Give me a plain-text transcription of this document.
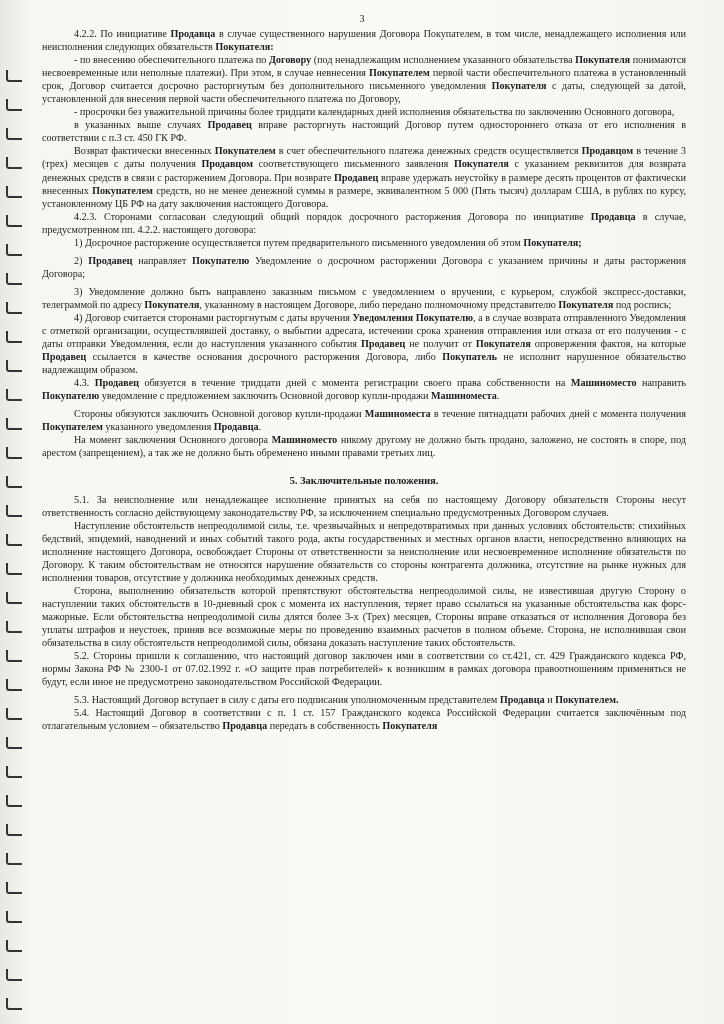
3

4.2.2. По инициативе Продавца в случае существенного нарушения Договора Покупателем, в том числе, ненадлежащего исполнения или неисполнения следующих обязательств Покупателя:

- по внесению обеспечительного платежа по Договору (под ненадлежащим исполнением указанного обязательства Покупателя понимаются несвоевременные или неполные платежи). При этом, в случае невнесения Покупателем первой части обеспечительного платежа в установленный срок, Договор считается досрочно расторгнутым без дополнительного письменного уведомления Покупателя с даты, следующей за датой, установленной для внесения первой части обеспечительного платежа по Договору,

- просрочки без уважительной причины более тридцати календарных дней исполнения обязательства по заключению Основного договора,

в указанных выше случаях Продавец вправе расторгнуть настоящий Договор путем одностороннего отказа от его исполнения в соответствии с п.3 ст. 450 ГК РФ.

Возврат фактически внесенных Покупателем в счет обеспечительного платежа денежных средств осуществляется Продавцом в течение 3 (трех) месяцев с даты получения Продавцом соответствующего письменного заявления Покупателя с указанием реквизитов для возврата денежных средств в связи с расторжением Договора. При возврате Продавец вправе удержать неустойку в размере десять процентов от фактически внесенных Покупателем средств, но не менее денежной суммы в размере, эквивалентном 5 000 (Пять тысяч) долларам США, в рублях по курсу, установленному ЦБ РФ на дату заключения настоящего Договора.

4.2.3. Сторонами согласован следующий общий порядок досрочного расторжения Договора по инициативе Продавца в случае, предусмотренном пп. 4.2.2. настоящего договора:

1) Досрочное расторжение осуществляется путем предварительного письменного уведомления об этом Покупателя;

2) Продавец направляет Покупателю Уведомление о досрочном расторжении Договора с указанием причины и даты расторжения Договора;

3) Уведомление должно быть направлено заказным письмом с уведомлением о вручении, с курьером, службой экспресс-доставки, телеграммой по адресу Покупателя, указанному в настоящем Договоре, либо передано полномочному представителю Покупателя под роспись;

4) Договор считается сторонами расторгнутым с даты вручения Уведомления Покупателю, а в случае возврата отправленного Уведомления с отметкой организации, осуществлявшей доставку, о выбытии адресата, истечении срока хранения отправления или отказа от его получения - с даты отправки Уведомления, если до наступления указанного события Продавец не получит от Покупателя опровержения фактов, на которые Продавец ссылается в качестве основания досрочного расторжения Договора, либо Покупатель не исполнит нарушенное обязательство надлежащим образом.

4.3. Продавец обязуется в течение тридцати дней с момента регистрации своего права собственности на Машиноместо направить Покупателю уведомление с предложением заключить Основной договор купли-продажи Машиноместа.

Стороны обязуются заключить Основной договор купли-продажи Машиноместа в течение пятнадцати рабочих дней с момента получения Покупателем указанного уведомления Продавца.

На момент заключения Основного договора Машиноместо никому другому не должно быть продано, заложено, не состоять в споре, под арестом (запрещением), а так же не должно быть обременено иными правами третьих лиц.

5. Заключительные положения.

5.1. За неисполнение или ненадлежащее исполнение принятых на себя по настоящему Договору обязательств Стороны несут ответственность согласно действующему законодательству РФ, за исключением специально предусмотренных Договором случаев.

Наступление обстоятельств непреодолимой силы, т.е. чрезвычайных и непредотвратимых при данных условиях обстоятельств: стихийных бедствий, эпидемий, наводнений и иных событий такого рода, акты государственных и местных органов власти, непосредственно влияющих на исполнение настоящего Договора, освобождает Стороны от ответственности за неисполнение или несвоевременное исполнение обязательств по Договору. К таким обстоятельствам не относятся нарушение обязательств со стороны контрагента должника, отсутствие на рынке нужных для исполнения товаров, отсутствие у должника необходимых денежных средств.

Сторона, выполнению обязательств которой препятствуют обстоятельства непреодолимой силы, не известившая другую Сторону о наступлении таких обстоятельств в 10-дневный срок с момента их наступления, теряет право ссылаться на указанные обстоятельства как форс-мажорные. Если обстоятельства непреодолимой силы длятся более 3-х (Трех) месяцев, Стороны вправе отказаться от исполнения Договора без уплаты штрафов и неустоек, приняв все возможные меры по проведению взаимных расчетов в полном объеме. Сторона, не исполнившая свои обязательства в силу обстоятельств непреодолимой силы, обязана доказать наступление таких обстоятельств.

5.2. Стороны пришли к соглашению, что настоящий договор заключен ими в соответствии со ст.421, ст. 429 Гражданского кодекса РФ, нормы Закона РФ № 2300-1 от 07.02.1992 г. «О защите прав потребителей» к возникшим в рамках договора правоотношениям применяться не будут, если иное не предусмотрено законодательством Российской Федерации.

5.3. Настоящий Договор вступает в силу с даты его подписания уполномоченным представителем Продавца и Покупателем.

5.4. Настоящий Договор в соответствии с п. 1 ст. 157 Гражданского кодекса Российской Федерации считается заключённым под отлагательным условием – обязательство Продавца передать в собственность Покупателя
